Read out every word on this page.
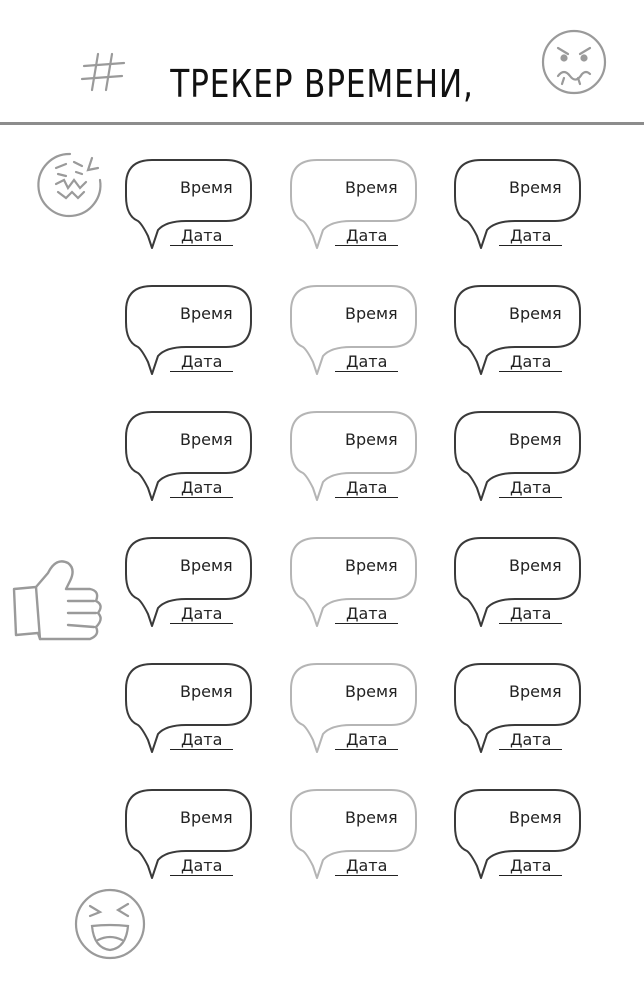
ТРЕКЕР ВРЕМЕНИ,
Время
Дата
Время
Дата
Время
Дата
Время
Дата
Время
Дата
Время
Дата
Время
Дата
Время
Дата
Время
Дата
Время
Дата
Время
Дата
Время
Дата
Время
Дата
Время
Дата
Время
Дата
Время
Дата
Время
Дата
Время
Дата
